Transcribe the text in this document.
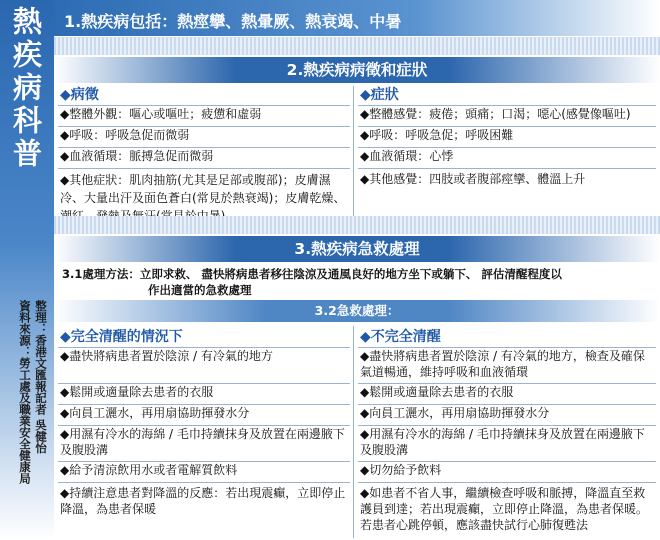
熱疾病科普
整理：香港文匯報記者 吳健怡
資料來源：勞工處及職業安全健康局
1.熱疾病包括：熱痙攣、熱暈厥、熱衰竭、中暑
2.熱疾病病徵和症狀
◆病徵
◆整體外觀：嘔心或嘔吐；疲憊和虛弱
◆呼吸：呼吸急促而微弱
◆血液循環：脈搏急促而微弱
◆其他症狀：肌肉抽筋(尤其是足部或腹部)；皮膚濕冷、大量出汗及面色蒼白(常見於熱衰竭)；皮膚乾燥、
◆症狀
◆整體感覺：疲倦；頭痛；口渴；噁心(感覺像嘔吐)
◆呼吸：呼吸急促；呼吸困難
◆血液循環：心悸
◆其他感覺：四肢或者腹部痙攣、體溫上升
3.熱疾病急救處理
3.1處理方法：立即求救、 盡快將病患者移往陰涼及通風良好的地方坐下或躺下、 評估清醒程度以
作出適當的急救處理
3.2急救處理：
◆完全清醒的情況下
◆盡快將病患者置於陰涼 / 有冷氣的地方
◆鬆開或適量除去患者的衣服
◆向員工灑水，再用扇協助揮發水分
◆用濕有冷水的海綿 / 毛巾持續抹身及放置在兩邊腋下及腹股溝
◆給予清涼飲用水或者電解質飲料
◆持續注意患者對降溫的反應：若出現震癲，立即停止降溫，為患者保暖
◆不完全清醒
◆盡快將病患者置於陰涼 / 有冷氣的地方，檢查及確保氣道暢通，維持呼吸和血液循環
◆鬆開或適量除去患者的衣服
◆向員工灑水，再用扇協助揮發水分
◆用濕有冷水的海綿 / 毛巾持續抹身及放置在兩邊腋下及腹股溝
◆切勿給予飲料
◆如患者不省人事，繼續檢查呼吸和脈搏，降溫直至救護員到達；若出現震癲，立即停止降溫，為患者保暖。若患者心跳停頓，應該盡快試行心肺復甦法
